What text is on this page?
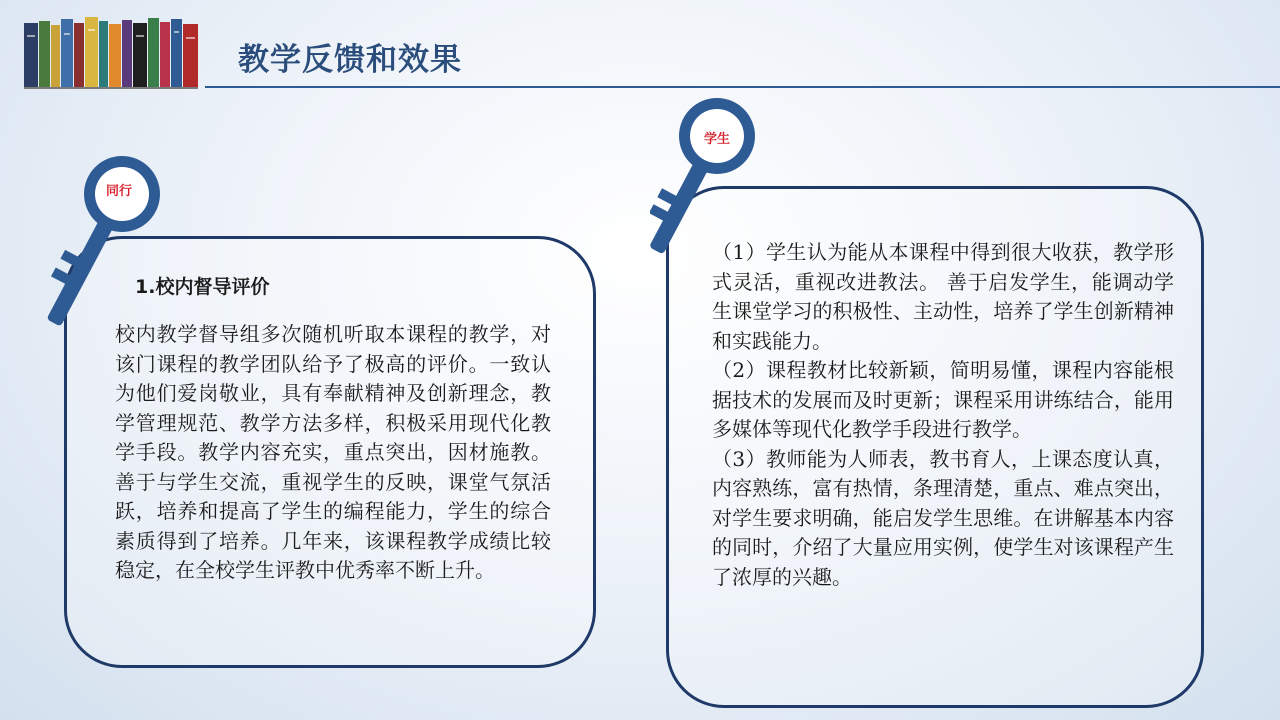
教学反馈和效果
同行
1.校内督导评价

校内教学督导组多次随机听取本课程的教学，对该门课程的教学团队给予了极高的评价。一致认为他们爱岗敬业，具有奉献精神及创新理念，教学管理规范、教学方法多样，积极采用现代化教学手段。教学内容充实，重点突出，因材施教。善于与学生交流，重视学生的反映，课堂气氛活跃，培养和提高了学生的编程能力，学生的综合素质得到了培养。几年来，该课程教学成绩比较稳定，在全校学生评教中优秀率不断上升。

学生

（1）学生认为能从本课程中得到很大收获，教学形式灵活，重视改进教法。 善于启发学生，能调动学生课堂学习的积极性、主动性，培养了学生创新精神和实践能力。

（2）课程教材比较新颖，简明易懂，课程内容能根据技术的发展而及时更新；课程采用讲练结合，能用多媒体等现代化教学手段进行教学。

（3）教师能为人师表，教书育人，上课态度认真，内容熟练，富有热情，条理清楚，重点、难点突出，对学生要求明确，能启发学生思维。在讲解基本内容的同时，介绍了大量应用实例，使学生对该课程产生了浓厚的兴趣。
